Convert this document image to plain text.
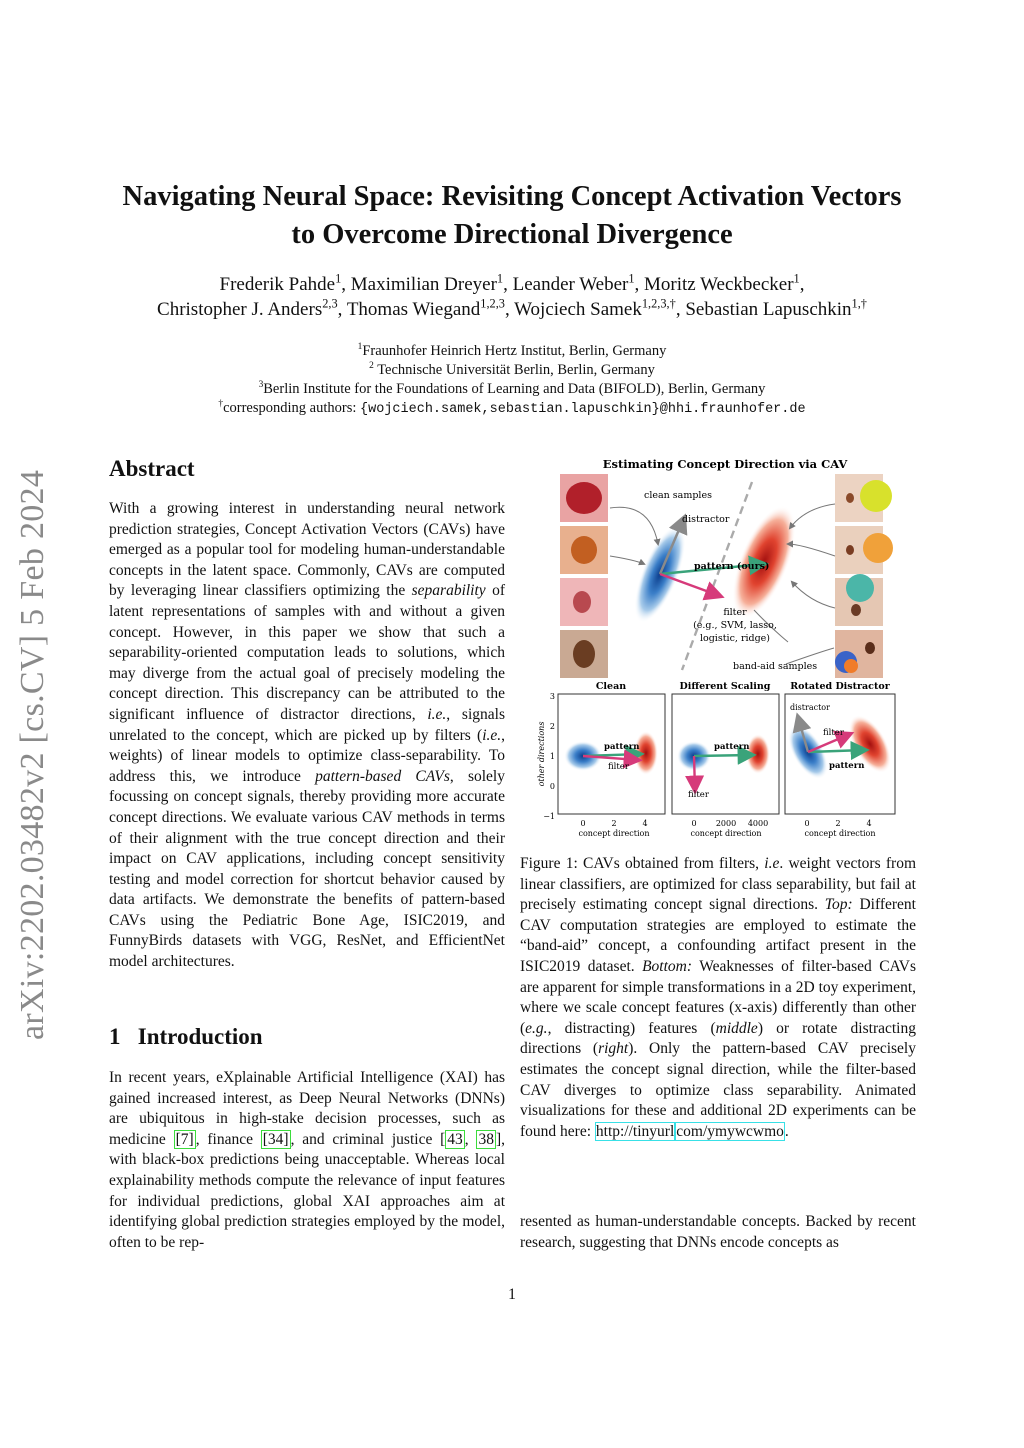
arXiv:2202.03482v2 [cs.CV] 5 Feb 2024
Navigating Neural Space: Revisiting Concept Activation Vectors
to Overcome Directional Divergence
Frederik Pahde$^1$, Maximilian Dreyer$^1$, Leander Weber$^1$, Moritz Weckbecker$^1$,
Christopher J. Anders$^{2,3}$, Thomas Wiegand$^{1,2,3}$, Wojciech Samek$^{1,2,3,\dagger}$, Sebastian Lapuschkin$^{1,\dagger}$
$^1$Fraunhofer Heinrich Hertz Institut, Berlin, Germany
$^2$ Technische Universität Berlin, Berlin, Germany
$^3$Berlin Institute for the Foundations of Learning and Data (BIFOLD), Berlin, Germany
†corresponding authors: {wojciech.samek,sebastian.lapuschkin}@hhi.fraunhofer.de
Abstract

With a growing interest in understanding neural network prediction strategies, Concept Activation Vectors (CAVs) have emerged as a popular tool for modeling human-understandable concepts in the latent space. Commonly, CAVs are computed by leveraging linear classifiers optimizing the separability of latent representations of samples with and without a given concept. However, in this paper we show that such a separability-oriented computation leads to solutions, which may diverge from the actual goal of precisely modeling the concept direction. This discrepancy can be attributed to the significant influence of distractor directions, i.e., signals unrelated to the concept, which are picked up by filters (i.e., weights) of linear models to optimize class-separability. To address this, we introduce pattern-based CAVs, solely focussing on concept signals, thereby providing more accurate concept directions. We evaluate various CAV methods in terms of their alignment with the true concept direction and their impact on CAV applications, including concept sensitivity testing and model correction for shortcut behavior caused by data artifacts. We demonstrate the benefits of pattern-based CAVs using the Pediatric Bone Age, ISIC2019, and FunnyBirds datasets with VGG, ResNet, and EfficientNet model architectures.

1 Introduction

In recent years, eXplainable Artificial Intelligence (XAI) has gained increased interest, as Deep Neural Networks (DNNs) are ubiquitous in high-stake decision processes, such as medicine [7] , finance [34] , and criminal justice [ 43 , 38 ], with black-box predictions being unacceptable. Whereas local explainability methods compute the relevance of input features for individual predictions, global XAI approaches aim at identifying global prediction strategies employed by the model, often to be rep-

Estimating Concept Direction via CAV
clean samples
distractor
pattern (ours)
filter
(e.g., SVM, lasso,
logistic, ridge)
band-aid samples
Clean	Different Scaling Rotated Distractor
other directions
3
2
1
0
−1
pattern
filter
0	2	4
concept direction
pattern
filter
0 2000 4000
concept direction
distractor
filter
pattern
0	2	4
concept direction

Figure 1: CAVs obtained from filters, i.e. weight vectors from linear classifiers, are optimized for class separability, but fail at precisely estimating concept signal directions. Top: Different CAV computation strategies are employed to estimate the “band-aid” concept, a confounding artifact present in the ISIC2019 dataset. Bottom: Weaknesses of filter-based CAVs are apparent for simple transformations in a 2D toy experiment, where we scale concept features (x-axis) differently than other (e.g., distracting) features (middle) or rotate distracting directions (right). Only the pattern-based CAV precisely estimates the concept signal direction, while the filter-based CAV diverges to optimize class separability. Animated visualizations for these and additional 2D experiments can be found here: http://tinyurl com/ymywcwmo.

resented as human-understandable concepts. Backed by recent research, suggesting that DNNs encode concepts as

1
